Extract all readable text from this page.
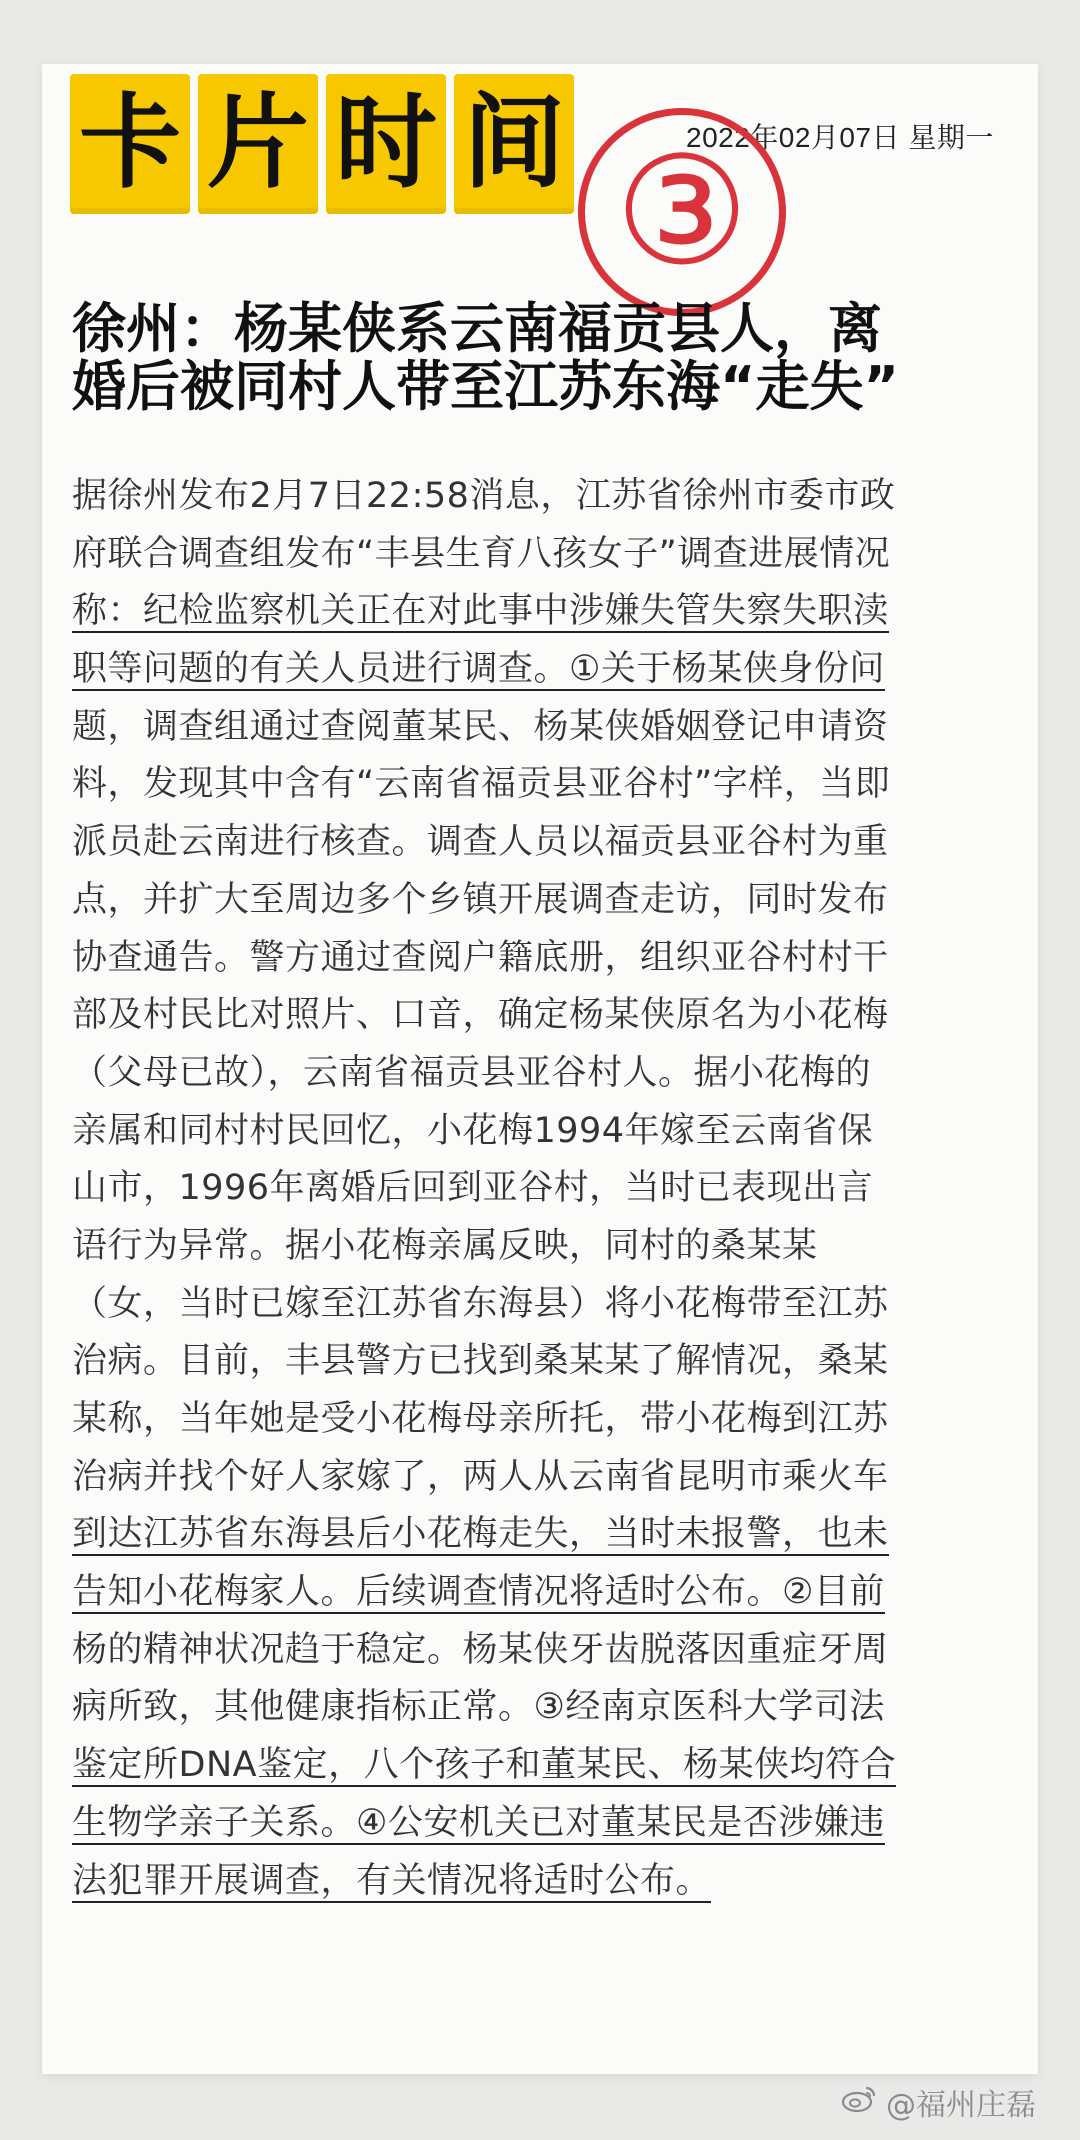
卡 片 时 间	2022年02月07日 星期一
③
徐州：杨某侠系云南福贡县人，离
婚后被同村人带至江苏东海“走失”
据徐州发布2月7日22:58消息，江苏省徐州市委市政
府联合调查组发布“丰县生育八孩女子”调查进展情况
称：纪检监察机关正在对此事中涉嫌失管失察失职渎
职等问题的有关人员进行调查。①关于杨某侠身份问
题，调查组通过查阅董某民、杨某侠婚姻登记申请资
料，发现其中含有“云南省福贡县亚谷村”字样，当即
派员赴云南进行核查。调查人员以福贡县亚谷村为重
点，并扩大至周边多个乡镇开展调查走访，同时发布
协查通告。警方通过查阅户籍底册，组织亚谷村村干
部及村民比对照片、口音，确定杨某侠原名为小花梅
（父母已故），云南省福贡县亚谷村人。据小花梅的
亲属和同村村民回忆，小花梅1994年嫁至云南省保
山市，1996年离婚后回到亚谷村，当时已表现出言
语行为异常。据小花梅亲属反映，同村的桑某某
（女，当时已嫁至江苏省东海县）将小花梅带至江苏
治病。目前，丰县警方已找到桑某某了解情况，桑某
某称，当年她是受小花梅母亲所托，带小花梅到江苏
治病并找个好人家嫁了，两人从云南省昆明市乘火车
到达江苏省东海县后小花梅走失，当时未报警，也未
告知小花梅家人。后续调查情况将适时公布。②目前
杨的精神状况趋于稳定。杨某侠牙齿脱落因重症牙周
病所致，其他健康指标正常。③经南京医科大学司法
鉴定所DNA鉴定，八个孩子和董某民、杨某侠均符合
生物学亲子关系。④公安机关已对董某民是否涉嫌违
法犯罪开展调查，有关情况将适时公布。
@福州庄磊
